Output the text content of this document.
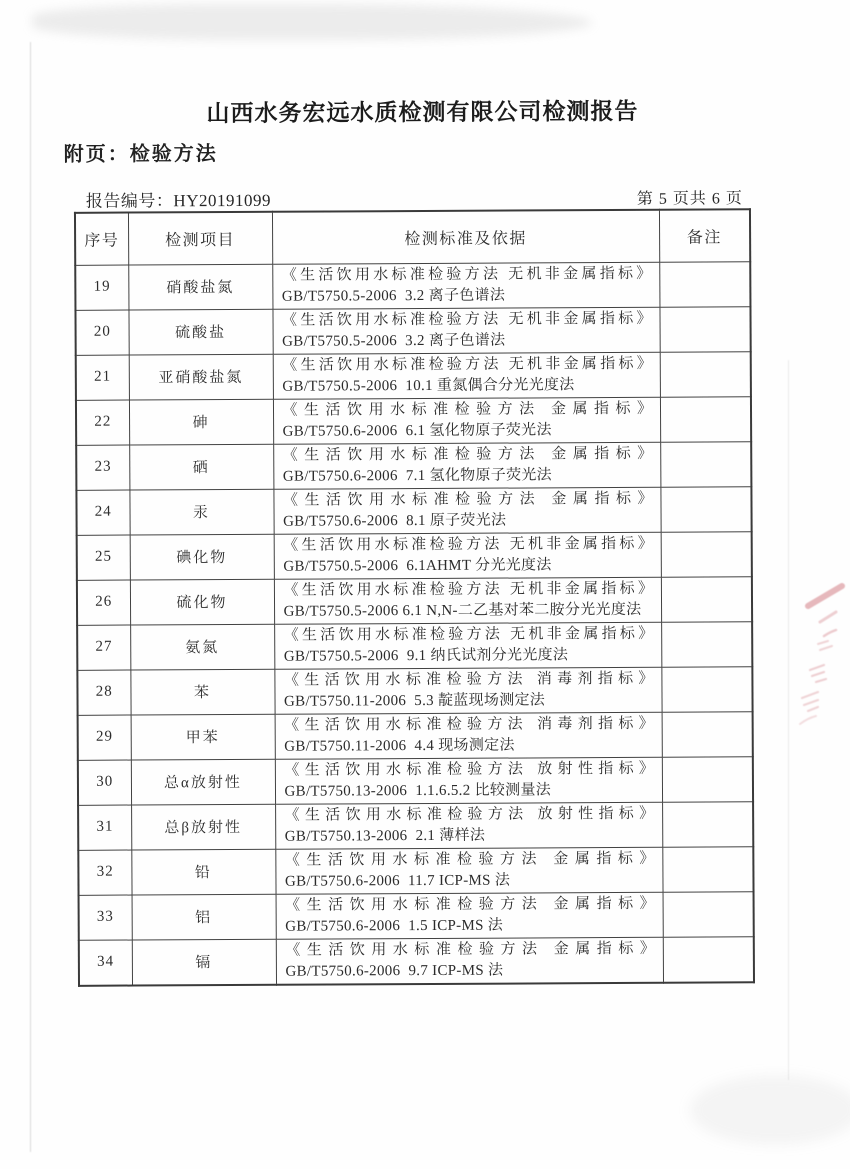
山西水务宏远水质检测有限公司检测报告
附页：检验方法
报告编号：HY20191099	第 5 页共 6 页
序号	检测项目	检测标准及依据	备注
19	硝酸盐氮	《生活饮用水标准检验方法 无机非金属指标》
GB/T5750.5-2006  3.2 离子色谱法	

20	硫酸盐	《生活饮用水标准检验方法 无机非金属指标》
GB/T5750.5-2006  3.2 离子色谱法	

21	亚硝酸盐氮	《生活饮用水标准检验方法 无机非金属指标》
GB/T5750.5-2006  10.1 重氮偶合分光光度法	

22	砷	《生活饮用水标准检验方法 金属指标》
GB/T5750.6-2006  6.1 氢化物原子荧光法	

23	硒	《生活饮用水标准检验方法 金属指标》
GB/T5750.6-2006  7.1 氢化物原子荧光法	

24	汞	《生活饮用水标准检验方法 金属指标》
GB/T5750.6-2006  8.1 原子荧光法	

25	碘化物	《生活饮用水标准检验方法 无机非金属指标》
GB/T5750.5-2006  6.1AHMT 分光光度法	

26	硫化物	《生活饮用水标准检验方法 无机非金属指标》
GB/T5750.5-2006 6.1 N,N-二乙基对苯二胺分光光度法	

27	氨氮	《生活饮用水标准检验方法 无机非金属指标》
GB/T5750.5-2006  9.1 纳氏试剂分光光度法	

28	苯	《生活饮用水标准检验方法 消毒剂指标》
GB/T5750.11-2006  5.3 靛蓝现场测定法	

29	甲苯	《生活饮用水标准检验方法 消毒剂指标》
GB/T5750.11-2006  4.4 现场测定法	

30	总α放射性	《生活饮用水标准检验方法 放射性指标》
GB/T5750.13-2006  1.1.6.5.2 比较测量法	

31	总β放射性	《生活饮用水标准检验方法 放射性指标》
GB/T5750.13-2006  2.1 薄样法	

32	铅	《生活饮用水标准检验方法 金属指标》
GB/T5750.6-2006  11.7 ICP-MS 法	

33	铝	《生活饮用水标准检验方法 金属指标》
GB/T5750.6-2006  1.5 ICP-MS 法	

34	镉	《生活饮用水标准检验方法 金属指标》
GB/T5750.6-2006  9.7 ICP-MS 法	
